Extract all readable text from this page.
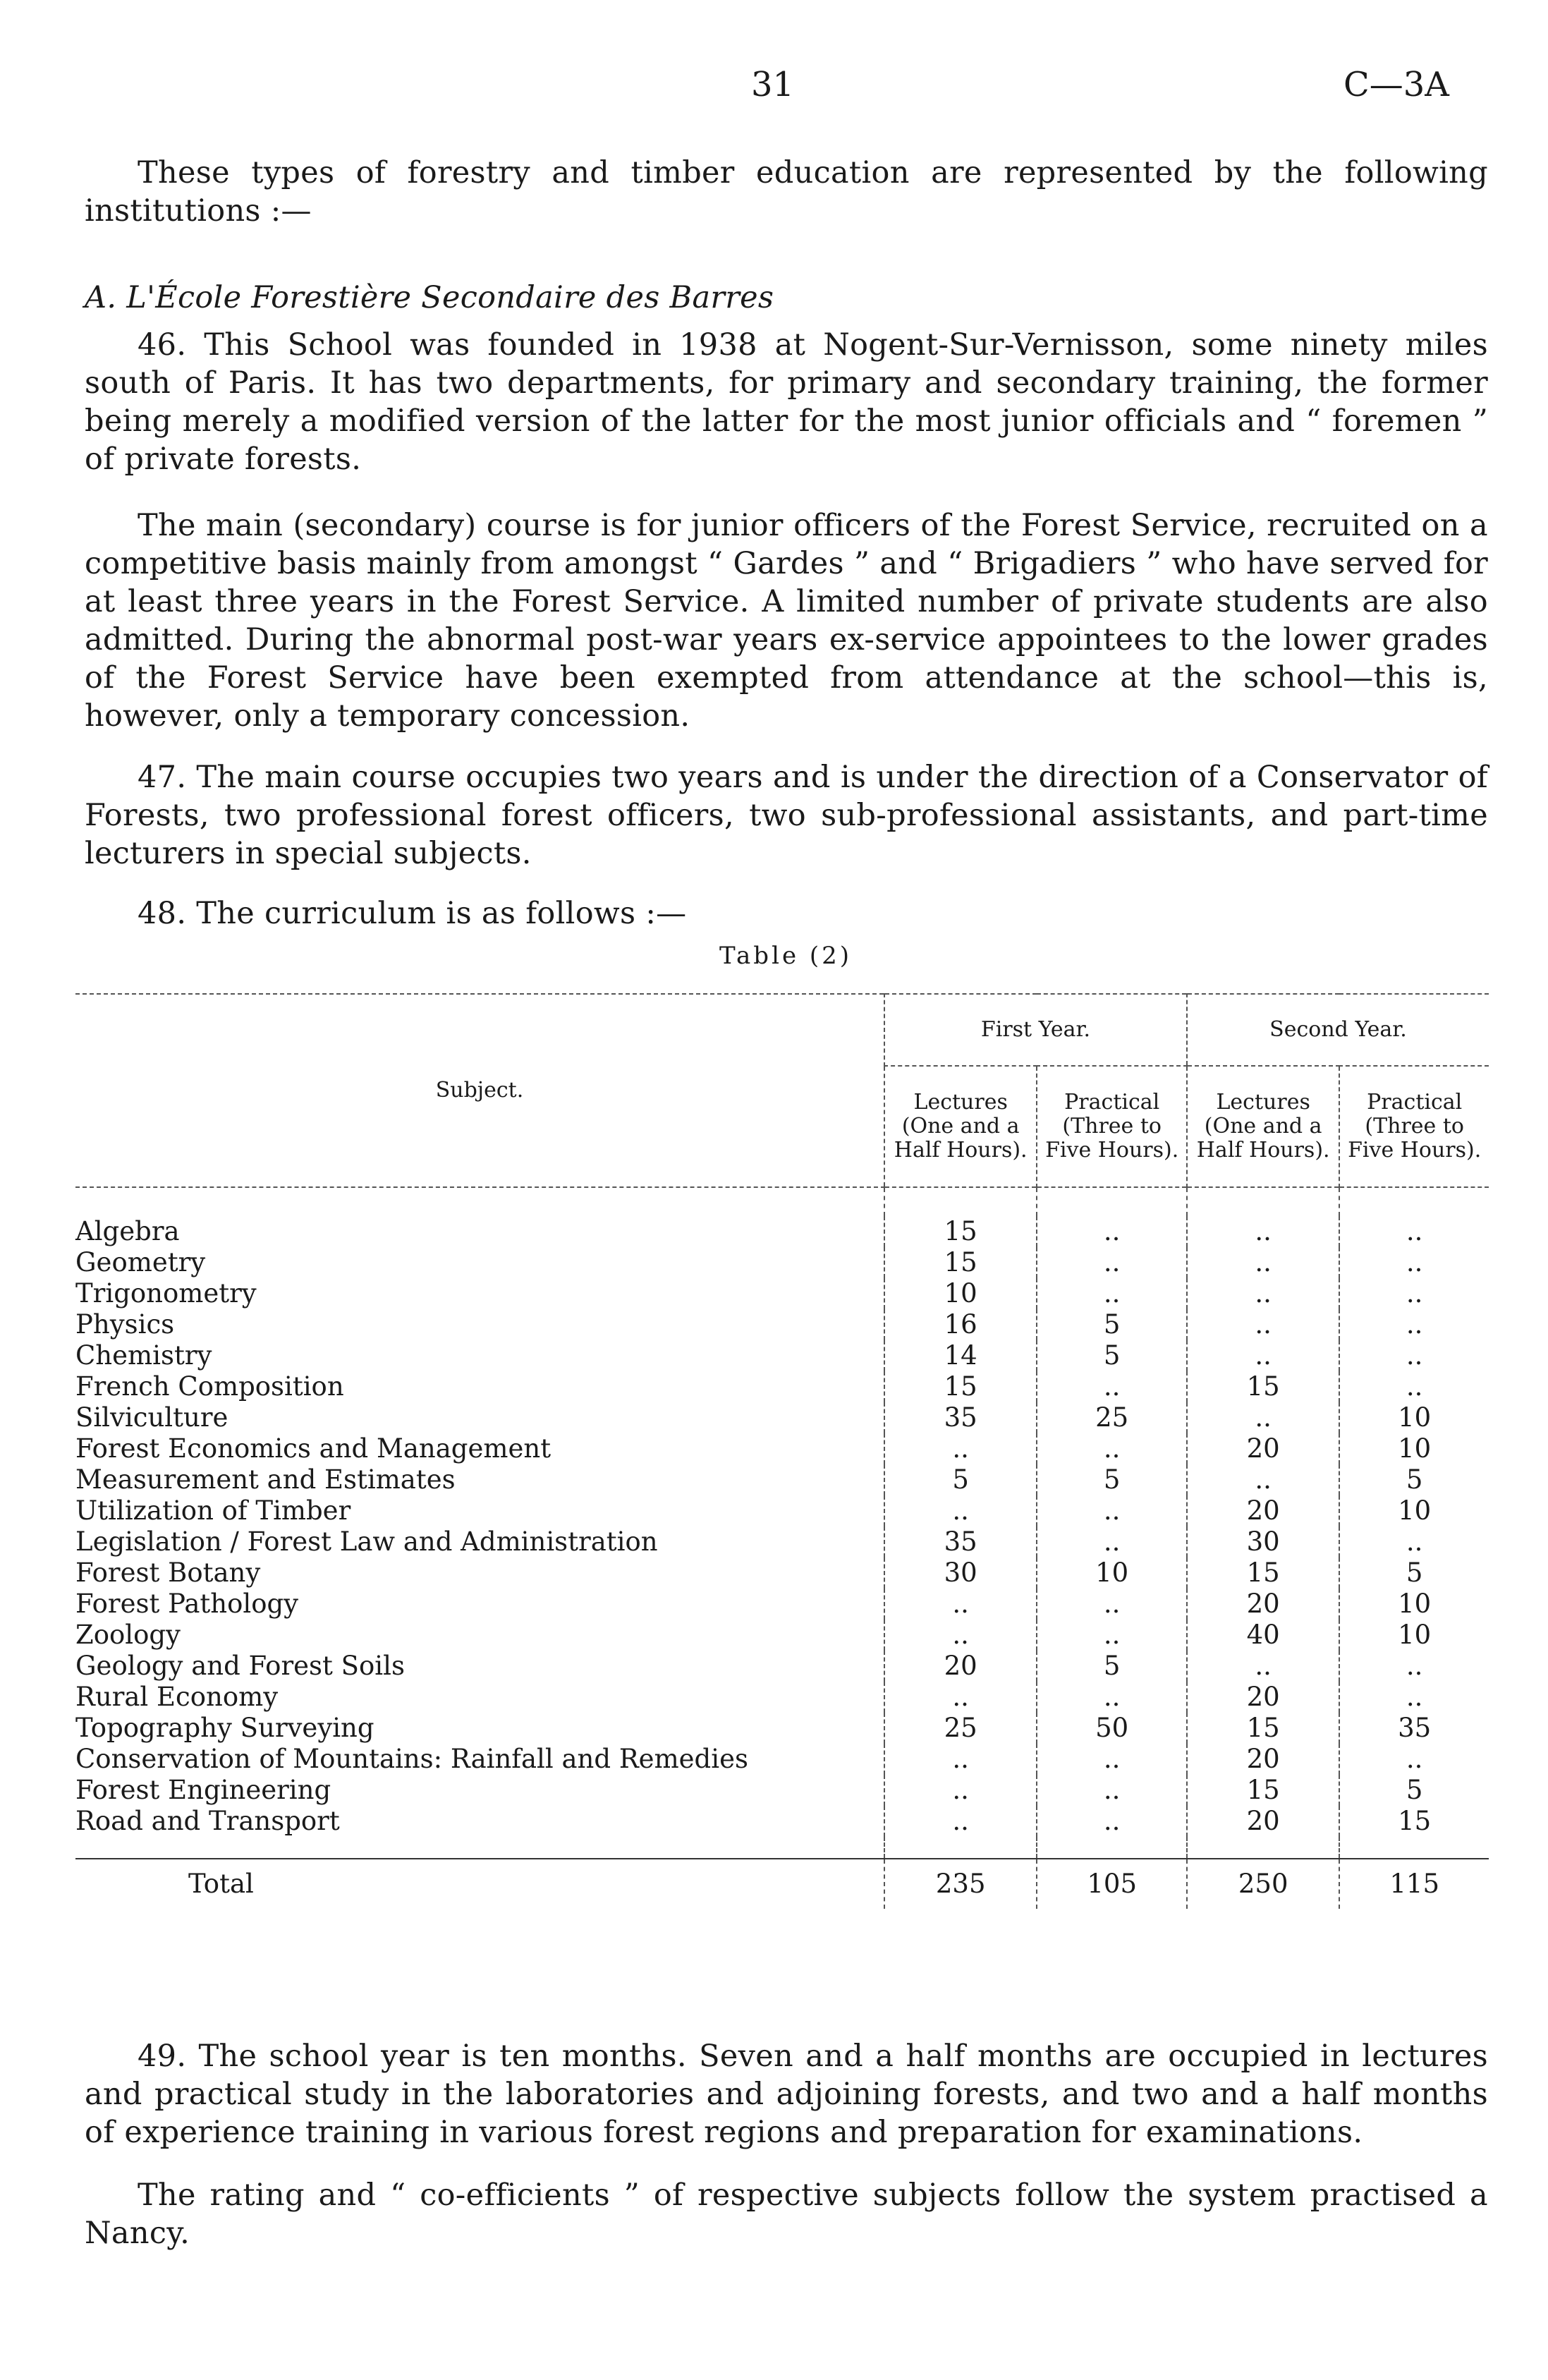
31	C—3A
These types of forestry and timber education are represented by the following institutions :—
A. L'École Forestière Secondaire des Barres
46. This School was founded in 1938 at Nogent-Sur-Vernisson, some ninety miles south of Paris. It has two departments, for primary and secondary training, the former being merely a modified version of the latter for the most junior officials and “ foremen ” of private forests.
The main (secondary) course is for junior officers of the Forest Service, recruited on a competitive basis mainly from amongst “ Gardes ” and “ Brigadiers ” who have served for at least three years in the Forest Service. A limited number of private students are also admitted. During the abnormal post-war years ex-service appointees to the lower grades of the Forest Service have been exempted from attendance at the school—this is, however, only a temporary concession.
47. The main course occupies two years and is under the direction of a Conservator of Forests, two professional forest officers, two sub-professional assistants, and part-time lecturers in special subjects.
48. The curriculum is as follows :—
Table (2)
Subject.	First Year.		Second Year.	
	Lectures (One and a Half Hours).	Practical (Three to Five Hours).	Lectures (One and a Half Hours).	Practical (Three to Five Hours).

Algebra	15	..	..	..
Geometry	15	..	..	..
Trigonometry	10	..	..	..
Physics	16	5	..	..
Chemistry	14	5	..	..
French Composition	15	..	15	..
Silviculture	35	25	..	10
Forest Economics and Management	..	..	20	10
Measurement and Estimates	5	5	..	5
Utilization of Timber	..	..	20	10
Legislation / Forest Law and Administration	35	..	30	..
Forest Botany	30	10	15	5
Forest Pathology	..	..	20	10
Zoology	..	..	40	10
Geology and Forest Soils	20	5	..	..
Rural Economy	..	..	20	..
Topography Surveying	25	50	15	35
Conservation of Mountains: Rainfall and Remedies	..	..	20	..
Forest Engineering	..	..	15	5
Road and Transport	..	..	20	15

Total	235	105	250	115
49. The school year is ten months. Seven and a half months are occupied in lectures and practical study in the laboratories and adjoining forests, and two and a half months of experience training in various forest regions and preparation for examinations.
The rating and “ co-efficients ” of respective subjects follow the system practised a Nancy.
